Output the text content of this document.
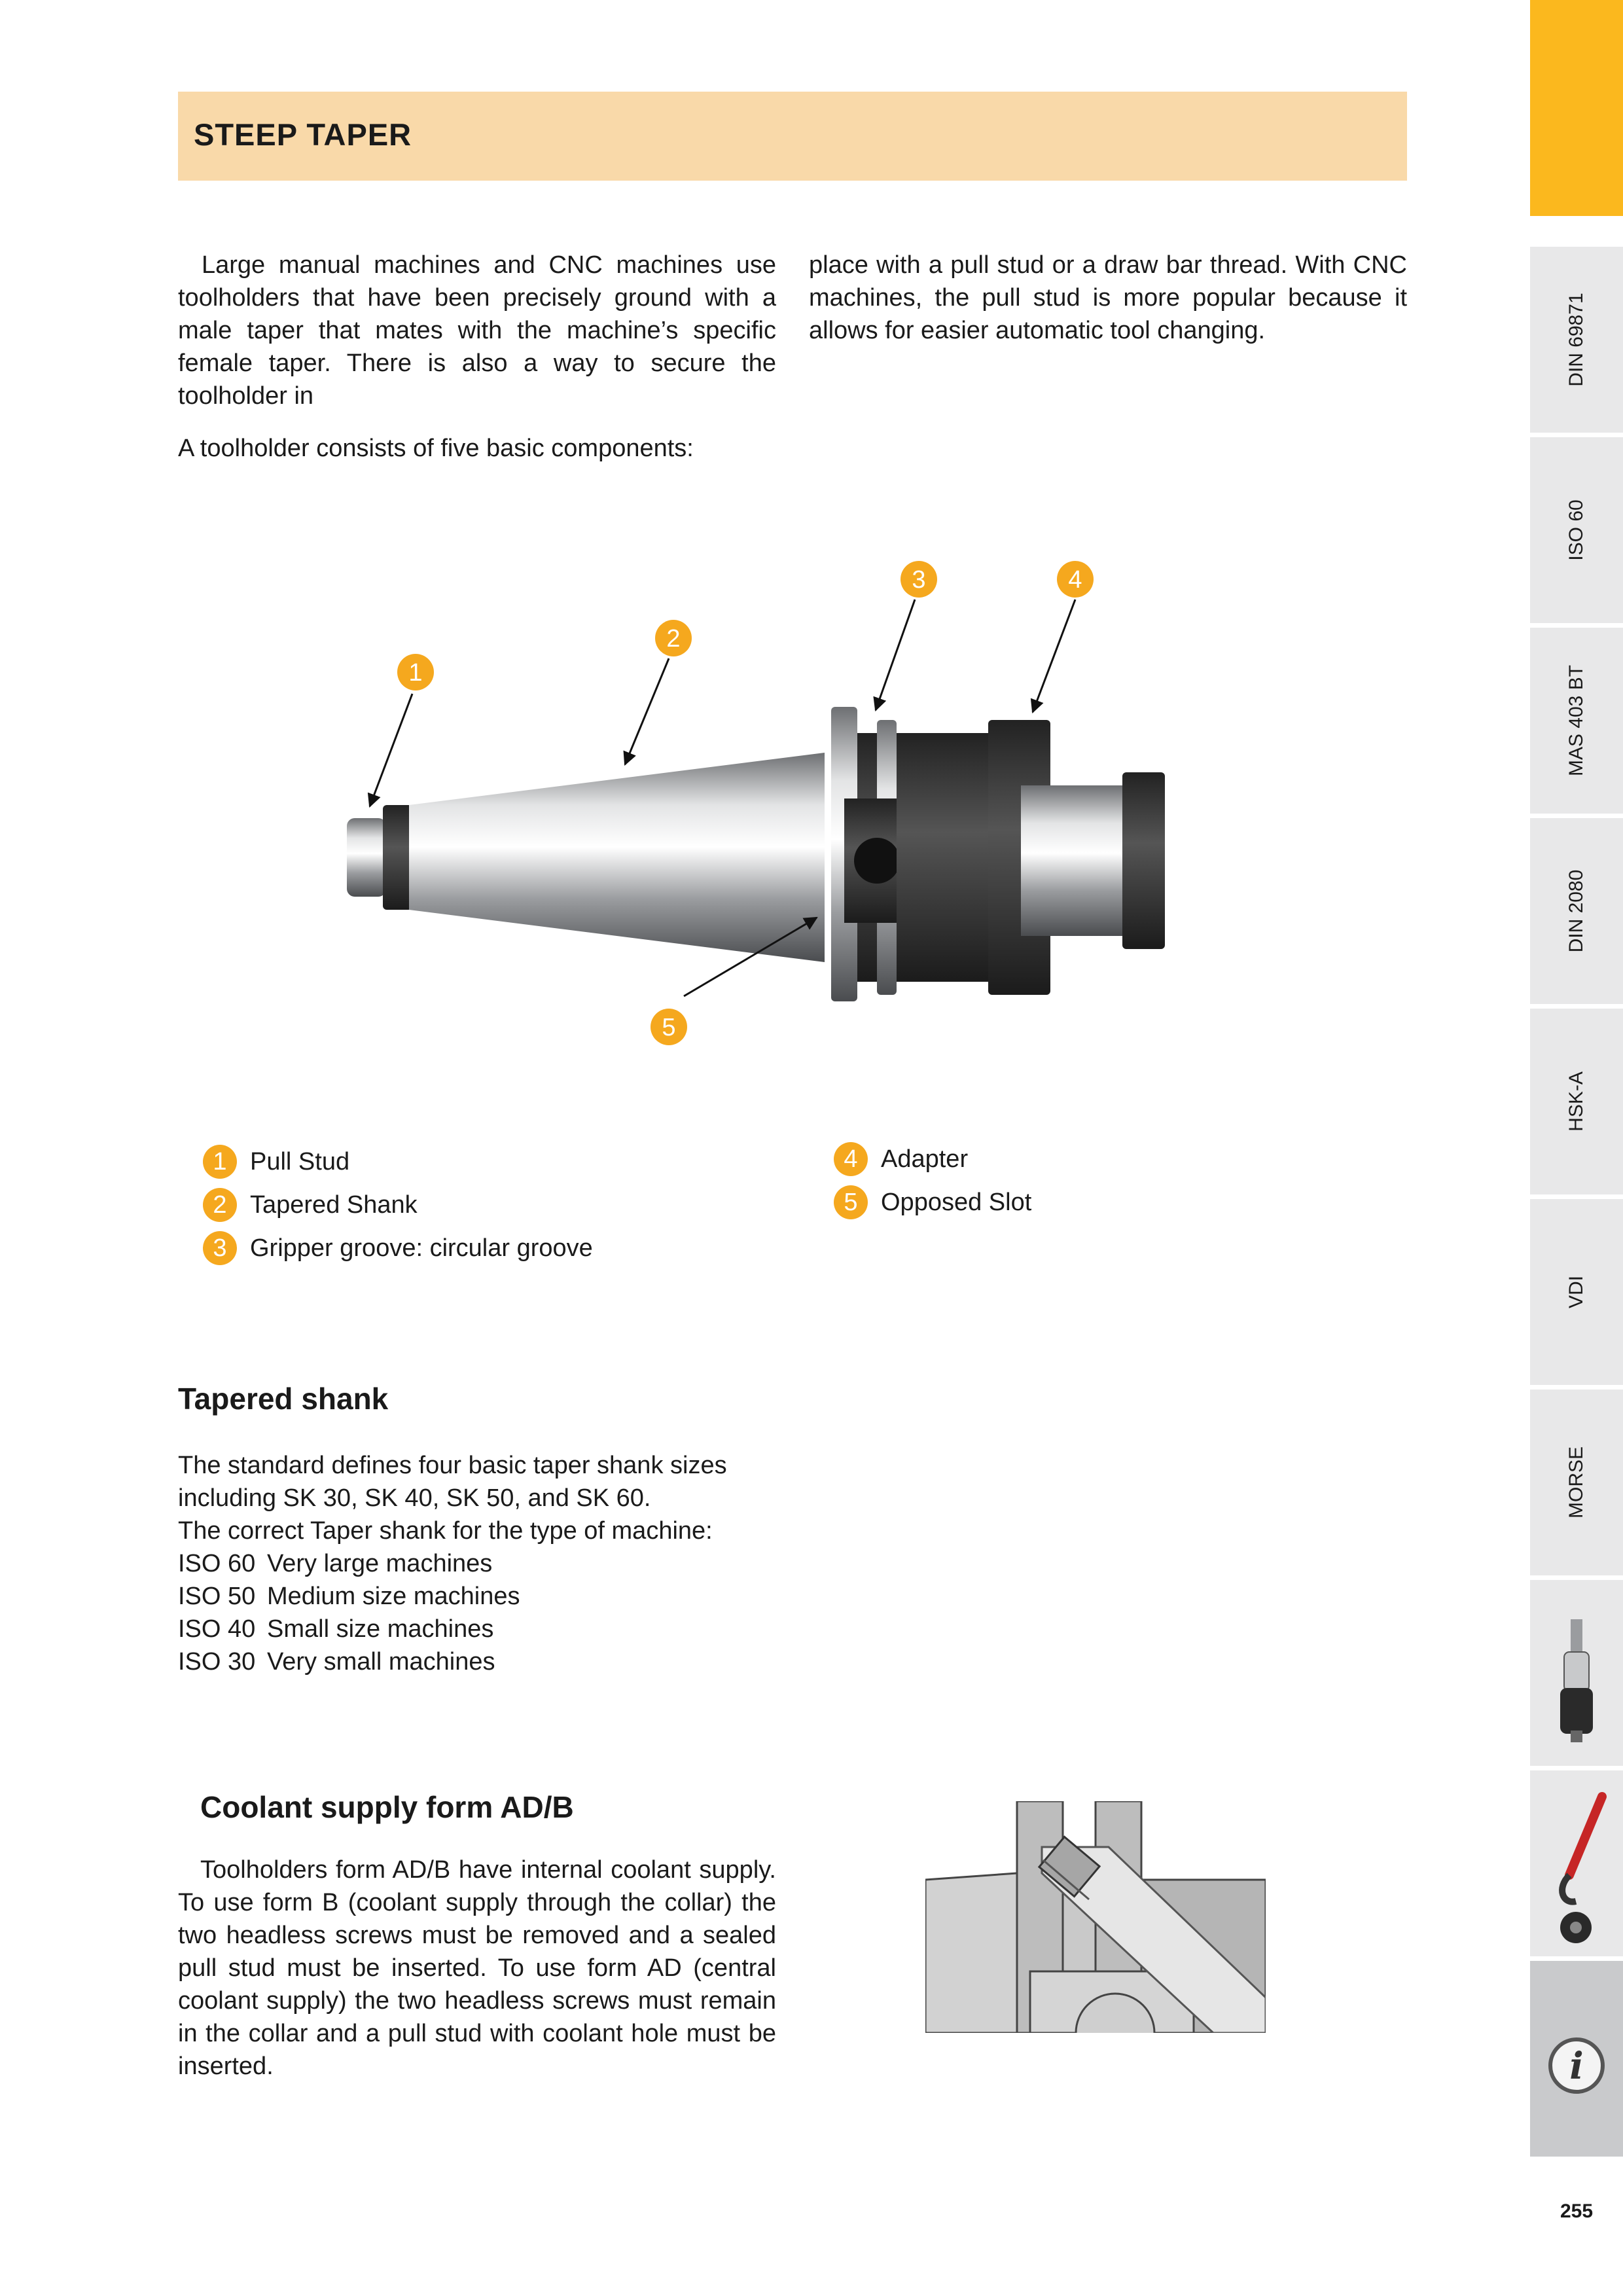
STEEP TAPER
Large manual machines and CNC machines use toolholders that have been precisely ground with a male taper that mates with the machine’s specific female taper. There is also a way to secure the toolholder in
place with a pull stud or a draw bar thread. With CNC machines, the pull stud is more popular because it allows for easier automatic tool changing.
A toolholder consists of five basic components:
1
2
3	4
5
1 Pull Stud
2 Tapered Shank
3 Gripper groove: circular groove
4 Adapter
5 Opposed Slot
Tapered shank
The standard defines four basic taper shank sizes
including SK 30, SK 40, SK 50, and SK 60.
The correct Taper shank for the type of machine:
ISO 60 Very large machines
ISO 50 Medium size machines
ISO 40 Small size machines
ISO 30 Very small machines
Coolant supply form AD/B
Toolholders form AD/B have internal coolant supply. To use form B (coolant supply through the collar) the two headless screws must be removed and a sealed pull stud must be inserted. To use form AD (central coolant supply) the two headless screws must remain in the collar and a pull stud with coolant hole must be inserted.
DIN 69871
ISO 60
MAS 403 BT
DIN 2080
HSK-A
VDI
MORSE
i
255
